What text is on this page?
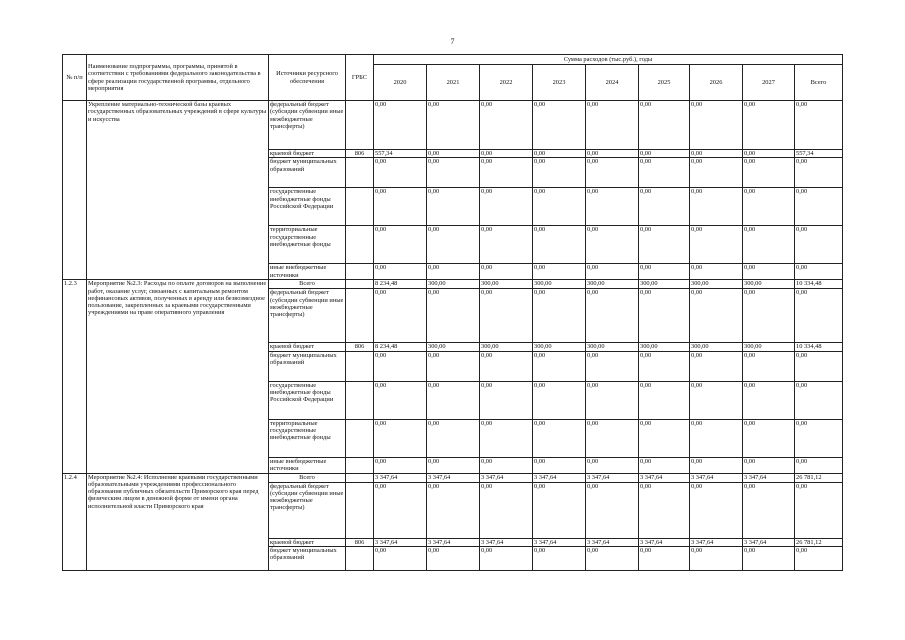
7
№ п/п	Наименование подпрограммы, программы, принятой в соответствии с требованиями федерального законодательства в сфере реализации государственной программы, отдельного мероприятия	Источники ресурсного обеспечения	ГРБС	Сумма расходов (тыс.руб.), годы								
				2020	2021	2022	2023	2024	2025	2026	2027	Всего
	Укрепление материально-технической базы краевых государственных образовательных учреждений в сфере культуры и искусства	федеральный бюджет (субсидии субвенции иные межбюджетные трансферты)		0,00	0,00	0,00	0,00	0,00	0,00	0,00	0,00	0,00
		краевой бюджет	806	557,34	0,00	0,00	0,00	0,00	0,00	0,00	0,00	557,34
		бюджет муниципальных образований		0,00	0,00	0,00	0,00	0,00	0,00	0,00	0,00	0,00
		государственные внебюджетные фонды Российской Федерации		0,00	0,00	0,00	0,00	0,00	0,00	0,00	0,00	0,00
		территориальные государственные внебюджетные фонды		0,00	0,00	0,00	0,00	0,00	0,00	0,00	0,00	0,00
		иные внебюджетные источники		0,00	0,00	0,00	0,00	0,00	0,00	0,00	0,00	0,00
1.2.3	Мероприятие №2.3: Расходы по оплате договоров на выполнение работ, оказание услуг, связанных с капитальным ремонтом нефинансовых активов, полученных в аренду или безвозмездное пользование, закрепленных за краевыми государственными учреждениями на праве оперативного управления	Всего		8 234,48	300,00	300,00	300,00	300,00	300,00	300,00	300,00	10 334,48
		федеральный бюджет (субсидии субвенции иные межбюджетные трансферты)		0,00	0,00	0,00	0,00	0,00	0,00	0,00	0,00	0,00
		краевой бюджет	806	8 234,48	300,00	300,00	300,00	300,00	300,00	300,00	300,00	10 334,48
		бюджет муниципальных образований		0,00	0,00	0,00	0,00	0,00	0,00	0,00	0,00	0,00
		государственные внебюджетные фонды Российской Федерации		0,00	0,00	0,00	0,00	0,00	0,00	0,00	0,00	0,00
		территориальные государственные внебюджетные фонды		0,00	0,00	0,00	0,00	0,00	0,00	0,00	0,00	0,00
		иные внебюджетные источники		0,00	0,00	0,00	0,00	0,00	0,00	0,00	0,00	0,00
1.2.4	Мероприятие №2.4: Исполнение краевыми государственными образовательными учреждениями профессионального образования публичных обязательств Приморского края перед физическим лицом в денежной форме от имени органа исполнительной власти Приморского края	Всего		3 347,64	3 347,64	3 347,64	3 347,64	3 347,64	3 347,64	3 347,64	3 347,64	26 781,12
		федеральный бюджет (субсидии субвенции иные межбюджетные трансферты)		0,00	0,00	0,00	0,00	0,00	0,00	0,00	0,00	0,00
		краевой бюджет	806	3 347,64	3 347,64	3 347,64	3 347,64	3 347,64	3 347,64	3 347,64	3 347,64	26 781,12
		бюджет муниципальных образований		0,00	0,00	0,00	0,00	0,00	0,00	0,00	0,00	0,00
